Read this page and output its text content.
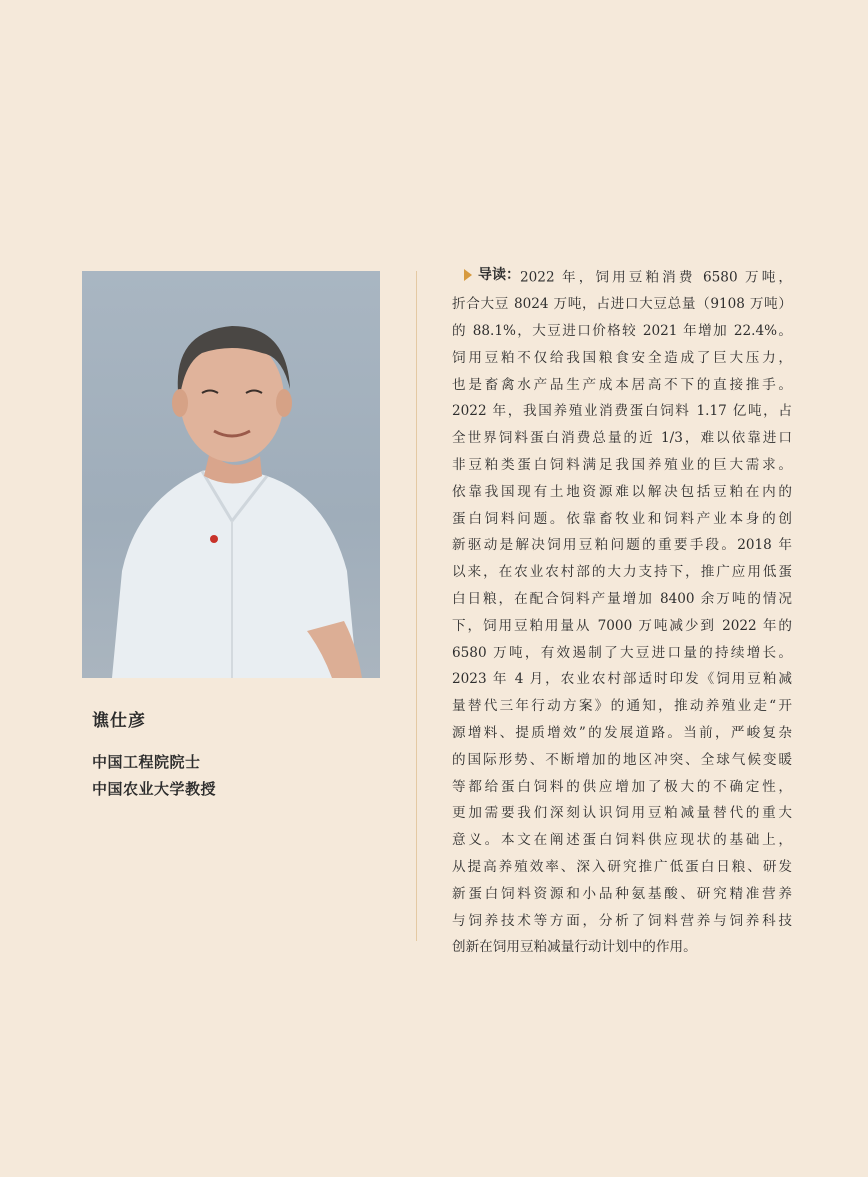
谯仕彦
中国工程院院士
中国农业大学教授

导读： 2022 年，饲用豆粕消费 6580 万吨，

折合大豆 8024 万吨，占进口大豆总量（9108 万吨）

的 88.1%，大豆进口价格较 2021 年增加 22.4%。

饲用豆粕不仅给我国粮食安全造成了巨大压力，

也是畜禽水产品生产成本居高不下的直接推手。

2022 年，我国养殖业消费蛋白饲料 1.17 亿吨，占

全世界饲料蛋白消费总量的近 1/3，难以依靠进口

非豆粕类蛋白饲料满足我国养殖业的巨大需求。

依靠我国现有土地资源难以解决包括豆粕在内的

蛋白饲料问题。依靠畜牧业和饲料产业本身的创

新驱动是解决饲用豆粕问题的重要手段。2018 年

以来，在农业农村部的大力支持下，推广应用低蛋

白日粮，在配合饲料产量增加 8400 余万吨的情况

下，饲用豆粕用量从 7000 万吨减少到 2022 年的

6580 万吨，有效遏制了大豆进口量的持续增长。

2023 年 4 月，农业农村部适时印发《饲用豆粕减

量替代三年行动方案》的通知，推动养殖业走“开

源增料、提质增效”的发展道路。当前，严峻复杂

的国际形势、不断增加的地区冲突、全球气候变暖

等都给蛋白饲料的供应增加了极大的不确定性，

更加需要我们深刻认识饲用豆粕减量替代的重大

意义。本文在阐述蛋白饲料供应现状的基础上，

从提高养殖效率、深入研究推广低蛋白日粮、研发

新蛋白饲料资源和小品种氨基酸、研究精准营养

与饲养技术等方面，分析了饲料营养与饲养科技

创新在饲用豆粕减量行动计划中的作用。
